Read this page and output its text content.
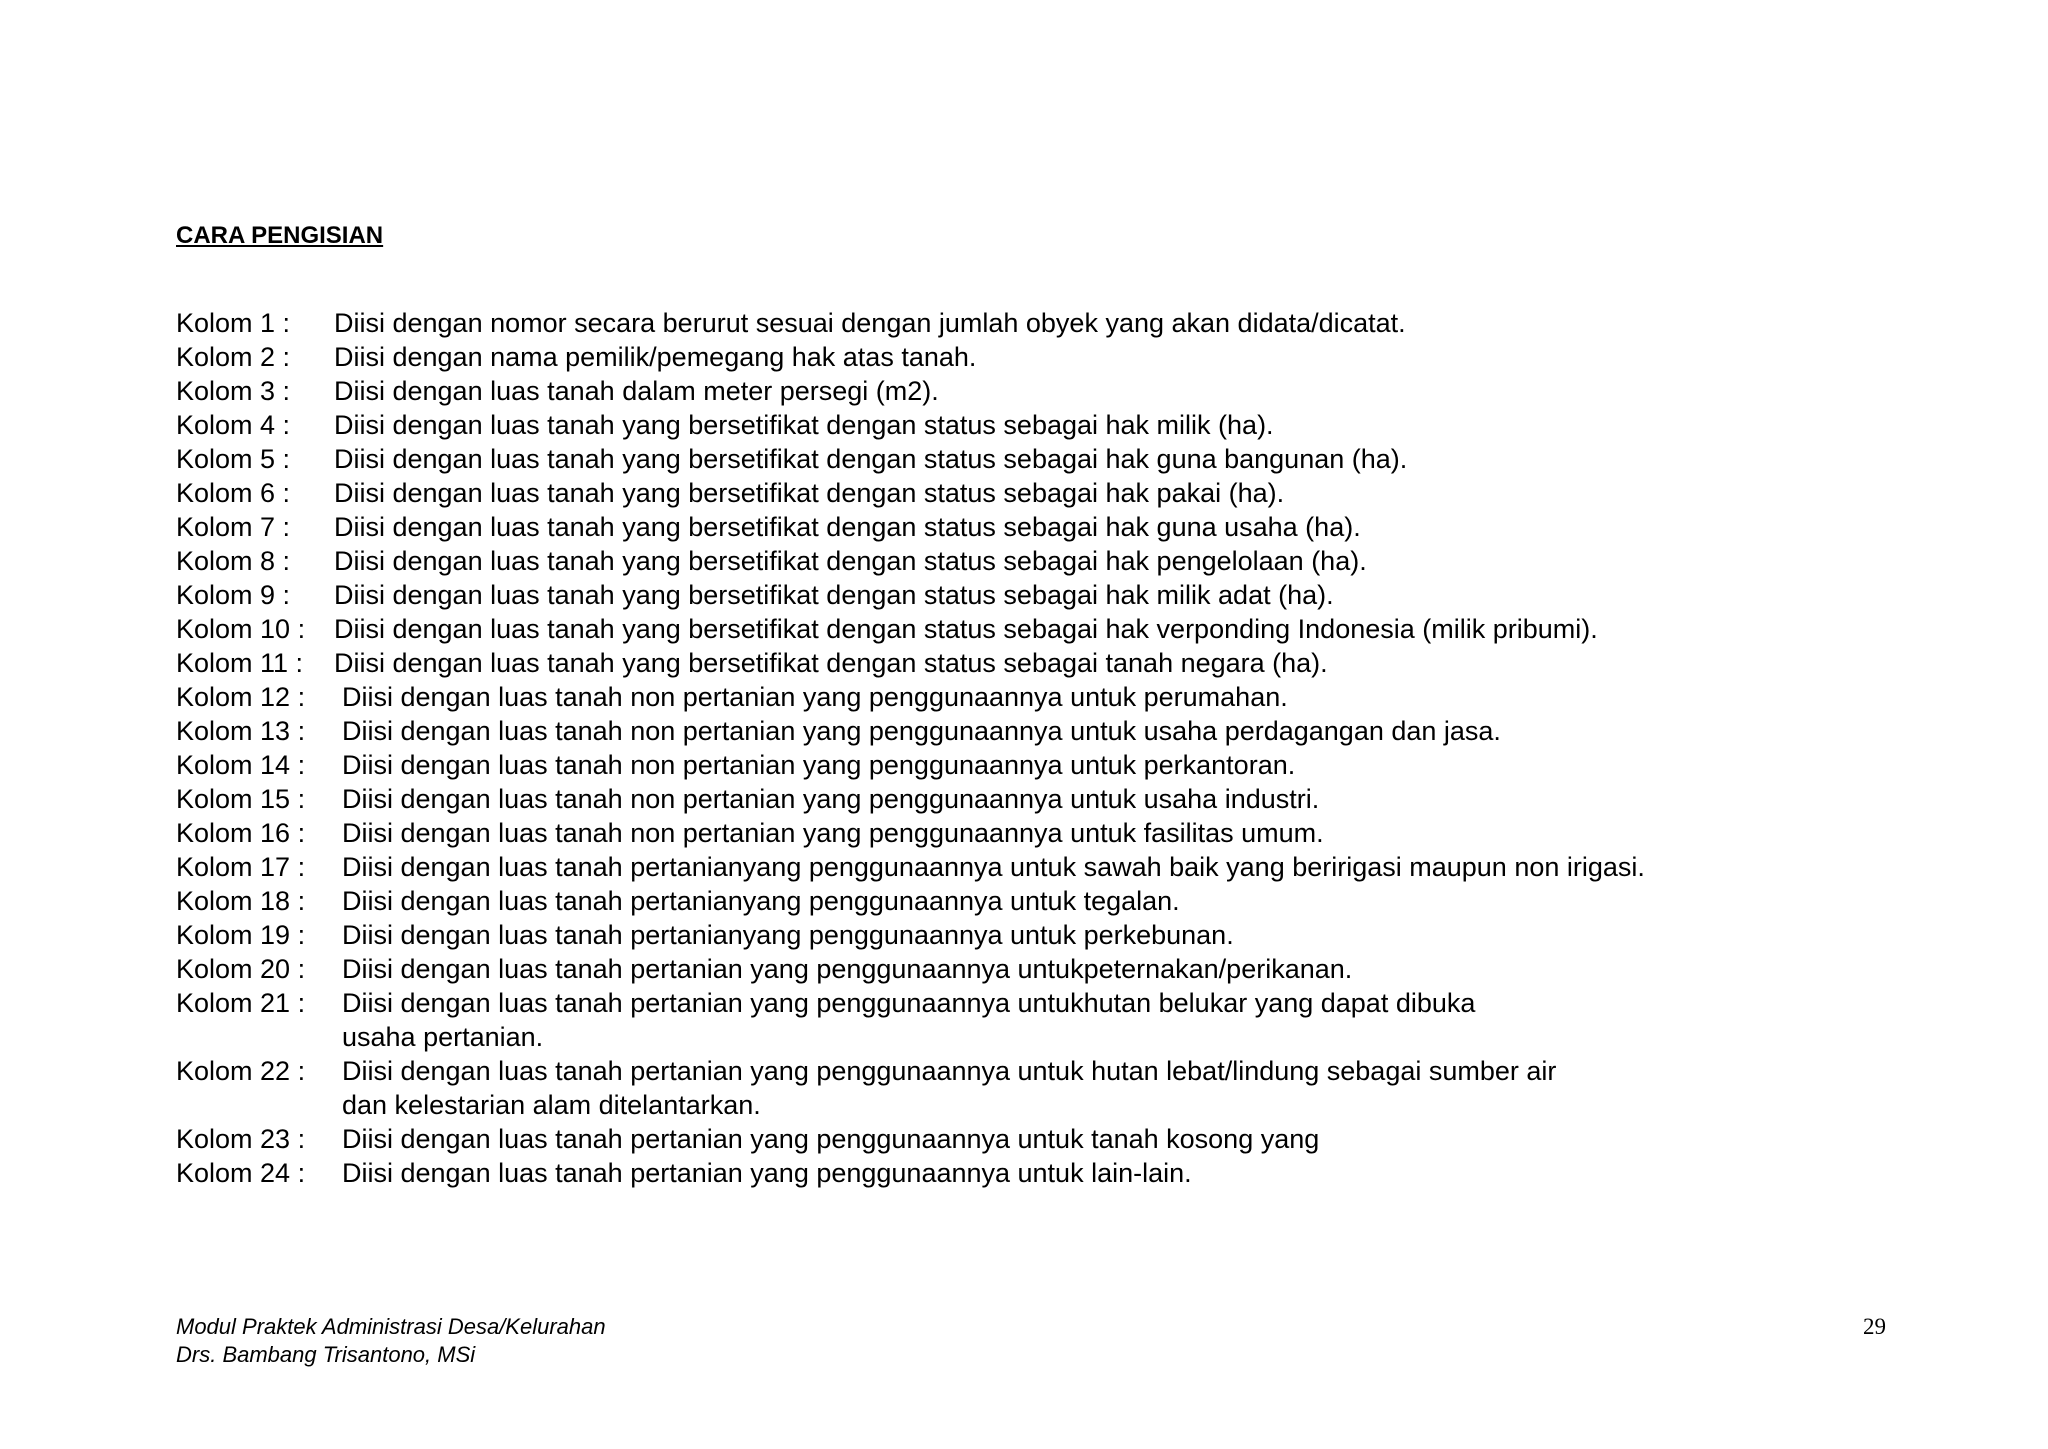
CARA PENGISIAN
Kolom 1 :	Diisi dengan nomor secara berurut sesuai dengan jumlah obyek yang akan didata/dicatat.
Kolom 2 :	Diisi dengan nama pemilik/pemegang hak atas tanah.
Kolom 3 :	Diisi dengan luas tanah dalam meter persegi (m2).
Kolom 4 :	Diisi dengan luas tanah yang bersetifikat dengan status sebagai hak milik (ha).
Kolom 5 :	Diisi dengan luas tanah yang bersetifikat dengan status sebagai hak guna bangunan (ha).
Kolom 6 :	Diisi dengan luas tanah yang bersetifikat dengan status sebagai hak pakai (ha).
Kolom 7 :	Diisi dengan luas tanah yang bersetifikat dengan status sebagai hak guna usaha (ha).
Kolom 8 :	Diisi dengan luas tanah yang bersetifikat dengan status sebagai hak pengelolaan (ha).
Kolom 9 :	Diisi dengan luas tanah yang bersetifikat dengan status sebagai hak milik adat (ha).
Kolom 10 :	Diisi dengan luas tanah yang bersetifikat dengan status sebagai hak verponding Indonesia (milik pribumi).
Kolom 11 :	Diisi dengan luas tanah yang bersetifikat dengan status sebagai tanah negara (ha).
Kolom 12 :	Diisi dengan luas tanah non pertanian yang penggunaannya untuk perumahan.
Kolom 13 :	Diisi dengan luas tanah non pertanian yang penggunaannya untuk usaha perdagangan dan jasa.
Kolom 14 :	Diisi dengan luas tanah non pertanian yang penggunaannya untuk perkantoran.
Kolom 15 :	Diisi dengan luas tanah non pertanian yang penggunaannya untuk usaha industri.
Kolom 16 :	Diisi dengan luas tanah non pertanian yang penggunaannya untuk fasilitas umum.
Kolom 17 :	Diisi dengan luas tanah pertanianyang penggunaannya untuk sawah baik yang beririgasi maupun non irigasi.
Kolom 18 :	Diisi dengan luas tanah pertanianyang penggunaannya untuk tegalan.
Kolom 19 :	Diisi dengan luas tanah pertanianyang penggunaannya untuk perkebunan.
Kolom 20 :	Diisi dengan luas tanah pertanian yang penggunaannya untukpeternakan/perikanan.
Kolom 21 :	Diisi dengan luas tanah pertanian yang penggunaannya untukhutan belukar yang dapat dibuka
usaha pertanian.
Kolom 22 :	Diisi dengan luas tanah pertanian yang penggunaannya untuk hutan lebat/lindung sebagai sumber air
dan kelestarian alam ditelantarkan.
Kolom 23 :	Diisi dengan luas tanah pertanian yang penggunaannya untuk tanah kosong yang
Kolom 24 :	Diisi dengan luas tanah pertanian yang penggunaannya untuk lain-lain.
Modul Praktek Administrasi Desa/Kelurahan
Drs. Bambang Trisantono, MSi
29
